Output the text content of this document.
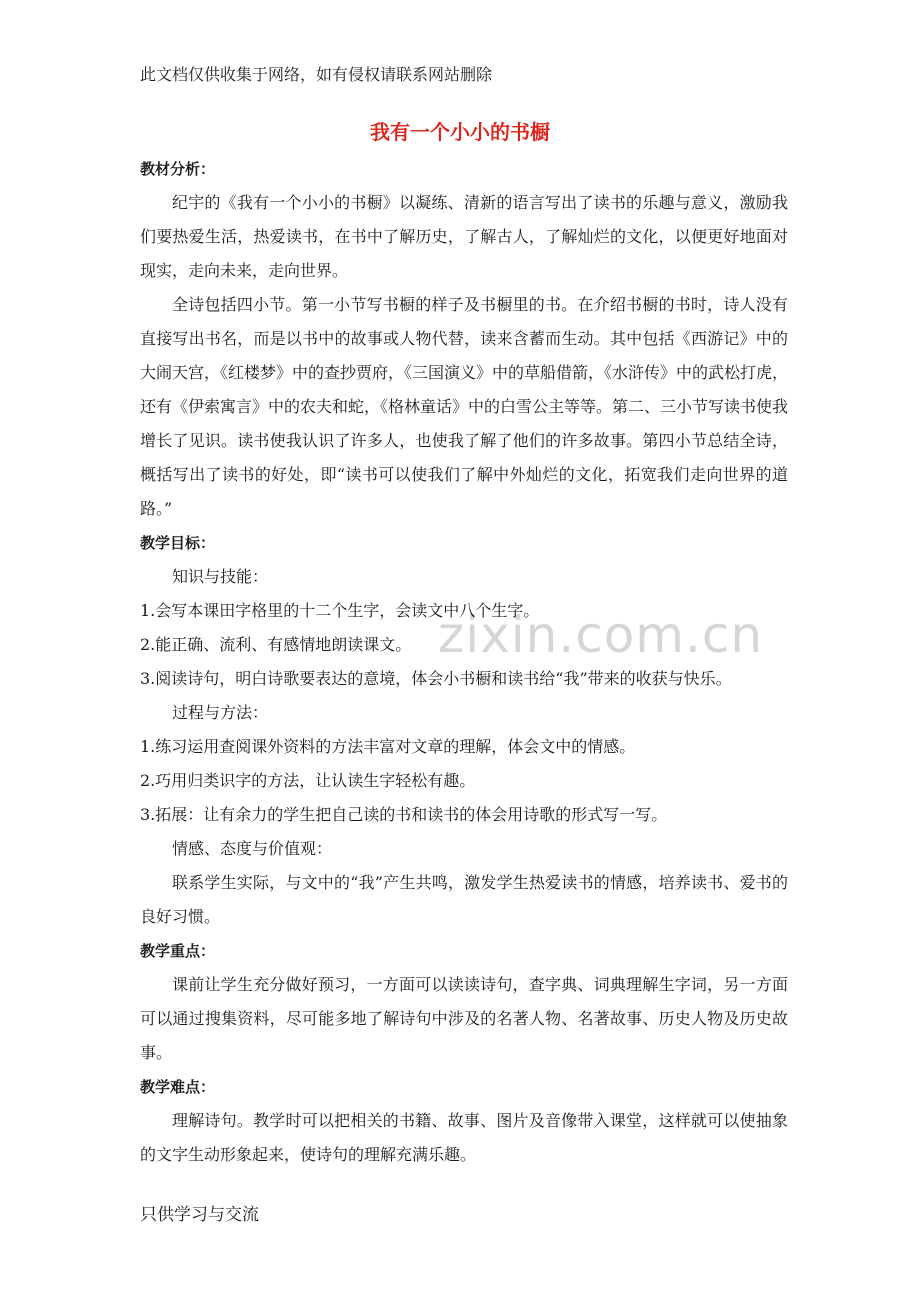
此文档仅供收集于网络，如有侵权请联系网站删除
我有一个小小的书橱
zixin.com.cn

教材分析：

纪宇的《我有一个小小的书橱》以凝练、清新的语言写出了读书的乐趣与意义，激励我们要热爱生活，热爱读书，在书中了解历史，了解古人，了解灿烂的文化，以便更好地面对现实，走向未来，走向世界。

全诗包括四小节。第一小节写书橱的样子及书橱里的书。在介绍书橱的书时，诗人没有直接写出书名，而是以书中的故事或人物代替，读来含蓄而生动。其中包括《西游记》中的大闹天宫，《红楼梦》中的查抄贾府，《三国演义》中的草船借箭，《水浒传》中的武松打虎，还有《伊索寓言》中的农夫和蛇，《格林童话》中的白雪公主等等。第二、三小节写读书使我增长了见识。读书使我认识了许多人，也使我了解了他们的许多故事。第四小节总结全诗，概括写出了读书的好处，即“读书可以使我们了解中外灿烂的文化，拓宽我们走向世界的道路。”

教学目标：

知识与技能：

1.会写本课田字格里的十二个生字，会读文中八个生字。

2.能正确、流利、有感情地朗读课文。

3.阅读诗句，明白诗歌要表达的意境，体会小书橱和读书给“我”带来的收获与快乐。

过程与方法：

1.练习运用查阅课外资料的方法丰富对文章的理解，体会文中的情感。

2.巧用归类识字的方法，让认读生字轻松有趣。

3.拓展：让有余力的学生把自己读的书和读书的体会用诗歌的形式写一写。

情感、态度与价值观：

联系学生实际，与文中的“我”产生共鸣，激发学生热爱读书的情感，培养读书、爱书的良好习惯。

教学重点：

课前让学生充分做好预习，一方面可以读读诗句，查字典、词典理解生字词，另一方面可以通过搜集资料，尽可能多地了解诗句中涉及的名著人物、名著故事、历史人物及历史故事。

教学难点：

理解诗句。教学时可以把相关的书籍、故事、图片及音像带入课堂，这样就可以使抽象的文字生动形象起来，使诗句的理解充满乐趣。

只供学习与交流
